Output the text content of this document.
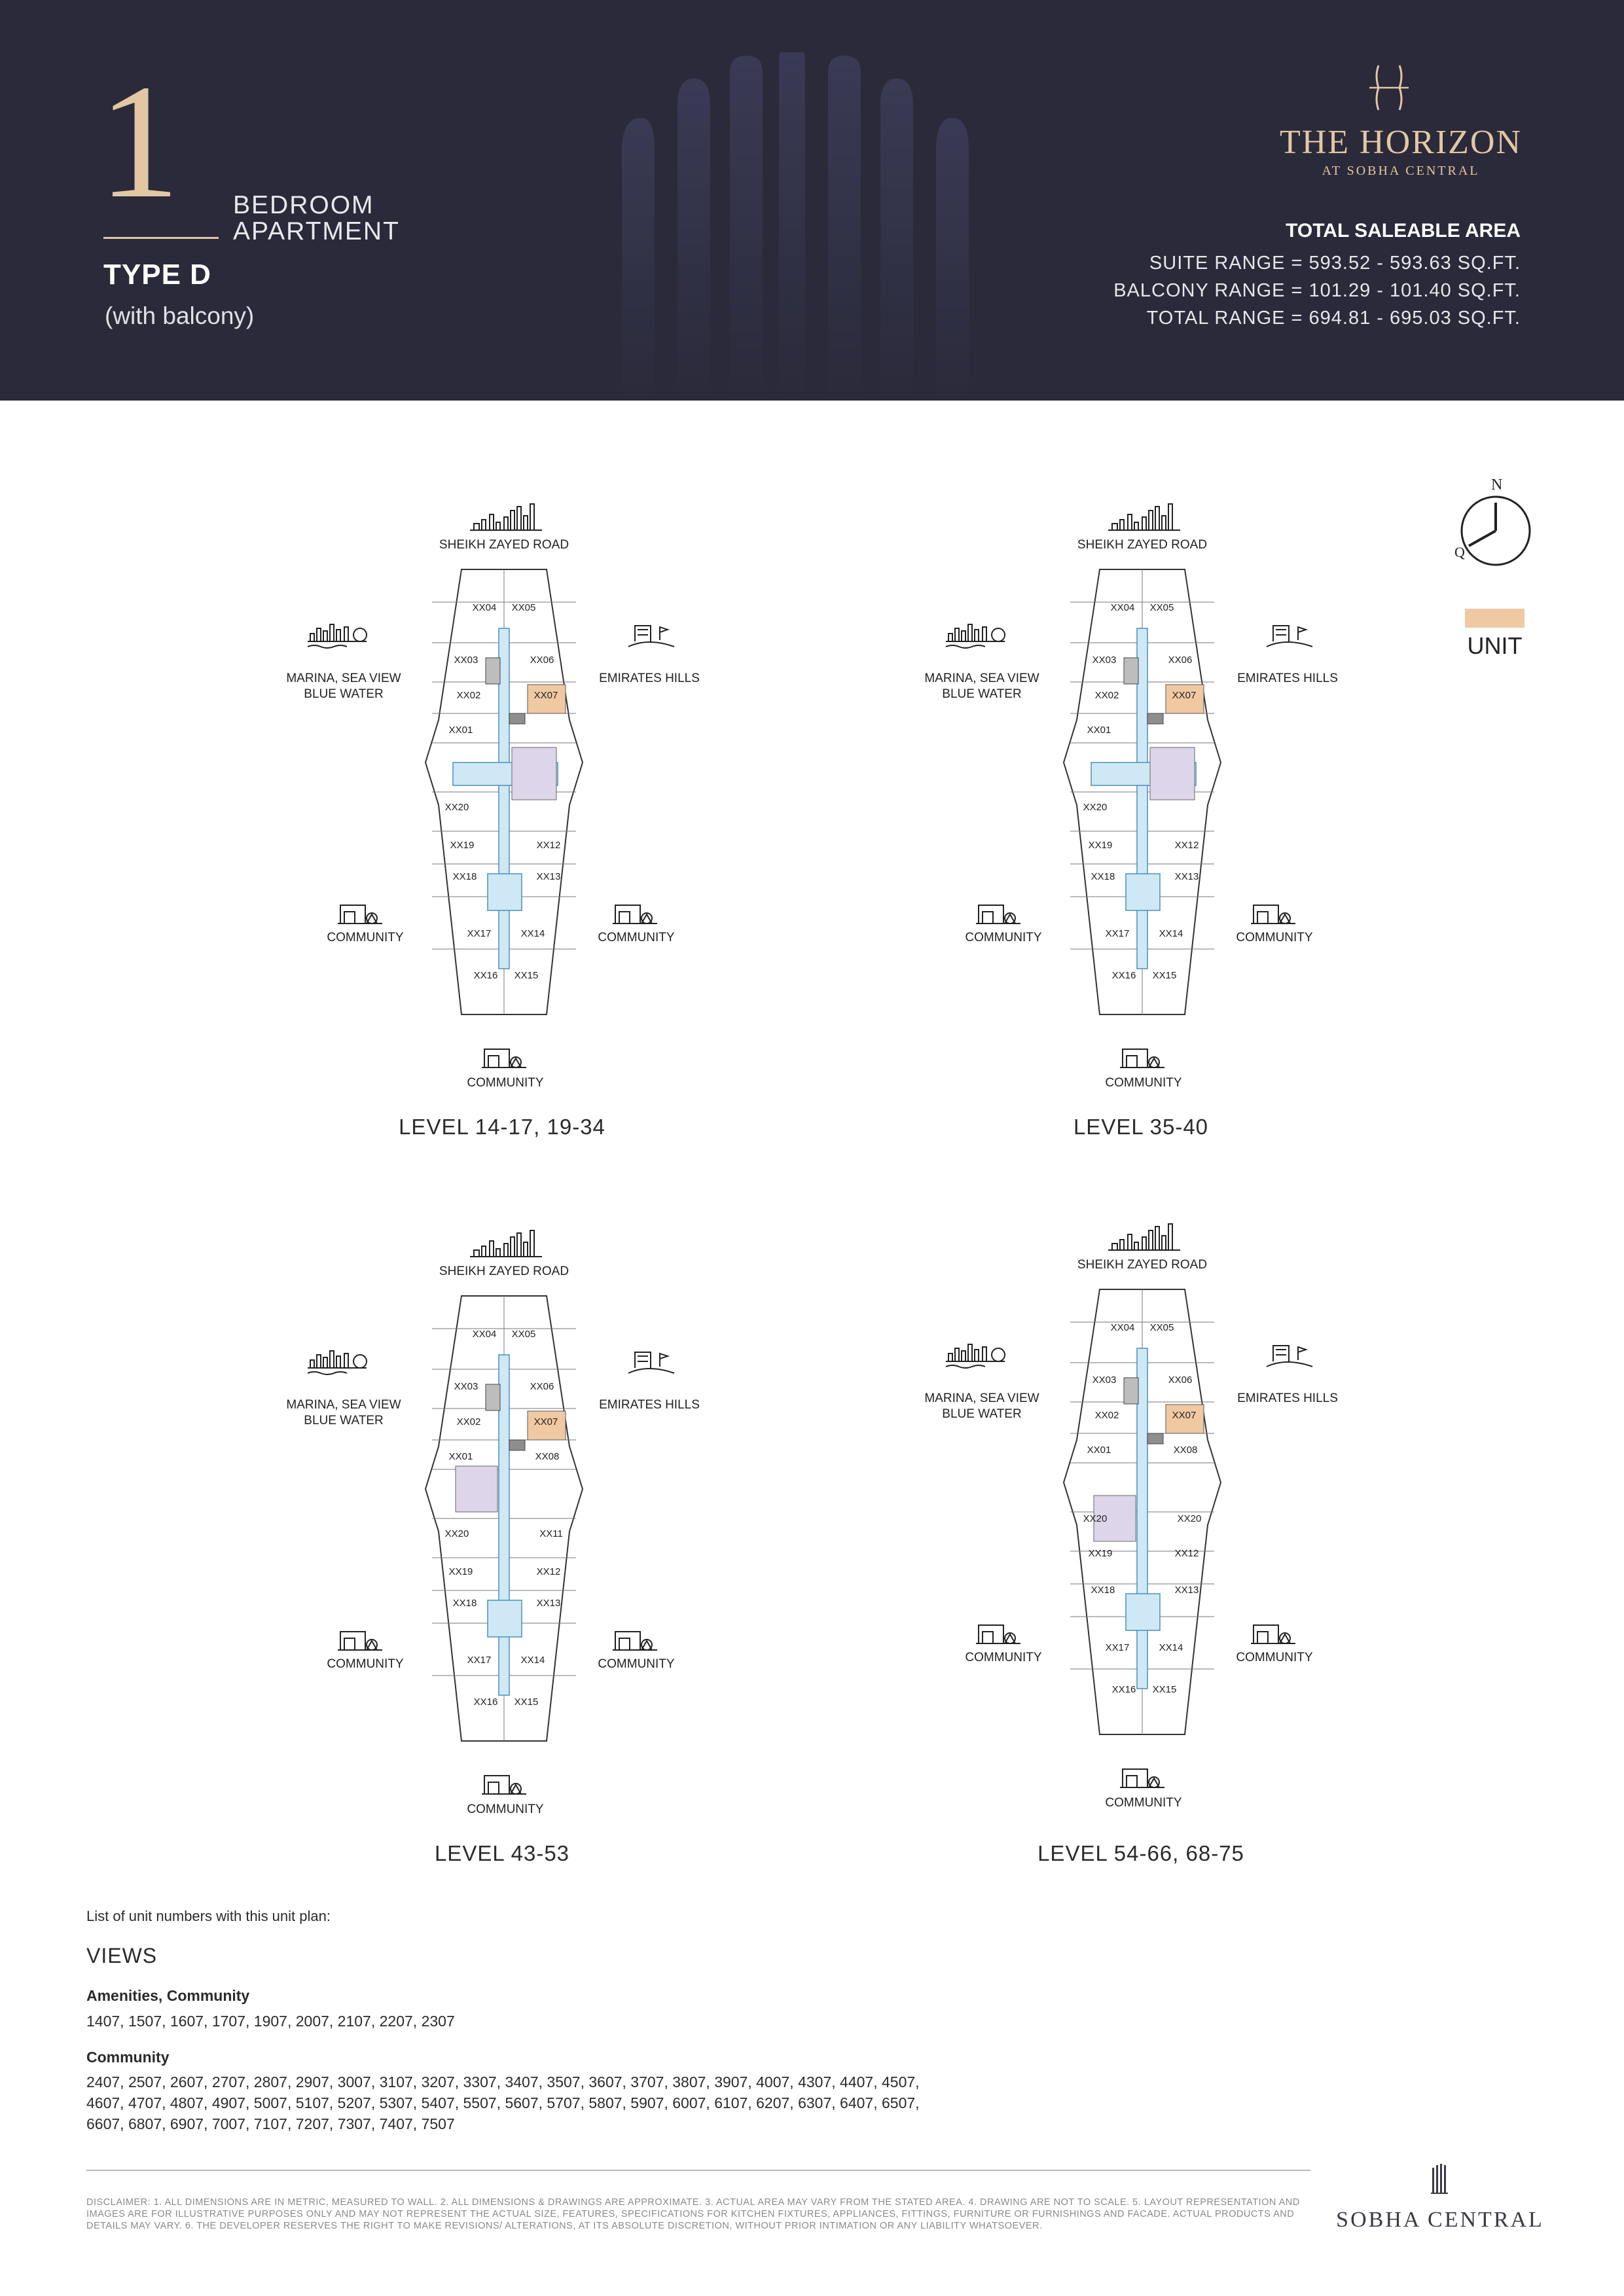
1 BEDROOM
APARTMENT
TYPE D
(with balcony)
THE HORIZON
AT SOBHA CENTRAL
TOTAL SALEABLE AREA
SUITE RANGE = 593.52 - 593.63 SQ.FT.
BALCONY RANGE = 101.29 - 101.40 SQ.FT.
TOTAL RANGE = 694.81 - 695.03 SQ.FT.
N
Q
UNIT
XX04 XX05
XX03	XX06
XX02	XX07
XX01
XX20
XX19	XX12
XX18	XX13
XX17	XX14
XX16 XX15
SHEIKH ZAYED ROAD
MARINA, SEA VIEW
BLUE WATER
EMIRATES HILLS
COMMUNITY	COMMUNITY
COMMUNITY
XX04 XX05
XX03	XX06
XX02	XX07
XX01
XX20
XX19	XX12
XX18	XX13
XX17	XX14
XX16 XX15
SHEIKH ZAYED ROAD
MARINA, SEA VIEW
BLUE WATER
EMIRATES HILLS
COMMUNITY	COMMUNITY
COMMUNITY
XX04 XX05
XX03	XX06
XX02	XX07
XX01	XX08
XX20	XX11
XX19	XX12
XX18	XX13
XX17	XX14
XX16 XX15
SHEIKH ZAYED ROAD
MARINA, SEA VIEW
BLUE WATER
EMIRATES HILLS
COMMUNITY	COMMUNITY
COMMUNITY
XX04 XX05
XX03	XX06
XX02	XX07
XX01	XX08
XX20	XX20
XX19	XX12
XX18	XX13
XX17	XX14
XX16 XX15
SHEIKH ZAYED ROAD
MARINA, SEA VIEW
BLUE WATER
EMIRATES HILLS
COMMUNITY	COMMUNITY
COMMUNITY
LEVEL 14-17, 19-34	LEVEL 35-40
LEVEL 43-53	LEVEL 54-66, 68-75
List of unit numbers with this unit plan:
VIEWS
Amenities, Community
1407, 1507, 1607, 1707, 1907, 2007, 2107, 2207, 2307
Community
2407, 2507, 2607, 2707, 2807, 2907, 3007, 3107, 3207, 3307, 3407, 3507, 3607, 3707, 3807, 3907, 4007, 4307, 4407, 4507,
4607, 4707, 4807, 4907, 5007, 5107, 5207, 5307, 5407, 5507, 5607, 5707, 5807, 5907, 6007, 6107, 6207, 6307, 6407, 6507,
6607, 6807, 6907, 7007, 7107, 7207, 7307, 7407, 7507
DISCLAIMER: 1. ALL DIMENSIONS ARE IN METRIC, MEASURED TO WALL. 2. ALL DIMENSIONS & DRAWINGS ARE APPROXIMATE. 3. ACTUAL AREA MAY VARY FROM THE STATED AREA. 4. DRAWING ARE NOT TO SCALE. 5. LAYOUT REPRESENTATION AND IMAGES ARE FOR ILLUSTRATIVE PURPOSES ONLY AND MAY NOT REPRESENT THE ACTUAL SIZE, FEATURES, SPECIFICATIONS FOR KITCHEN FIXTURES, APPLIANCES, FITTINGS, FURNITURE OR FURNISHINGS AND FACADE. ACTUAL PRODUCTS AND DETAILS MAY VARY. 6. THE DEVELOPER RESERVES THE RIGHT TO MAKE REVISIONS/ ALTERATIONS, AT ITS ABSOLUTE DISCRETION, WITHOUT PRIOR INTIMATION OR ANY LIABILITY WHATSOEVER.	SOBHA CENTRAL
